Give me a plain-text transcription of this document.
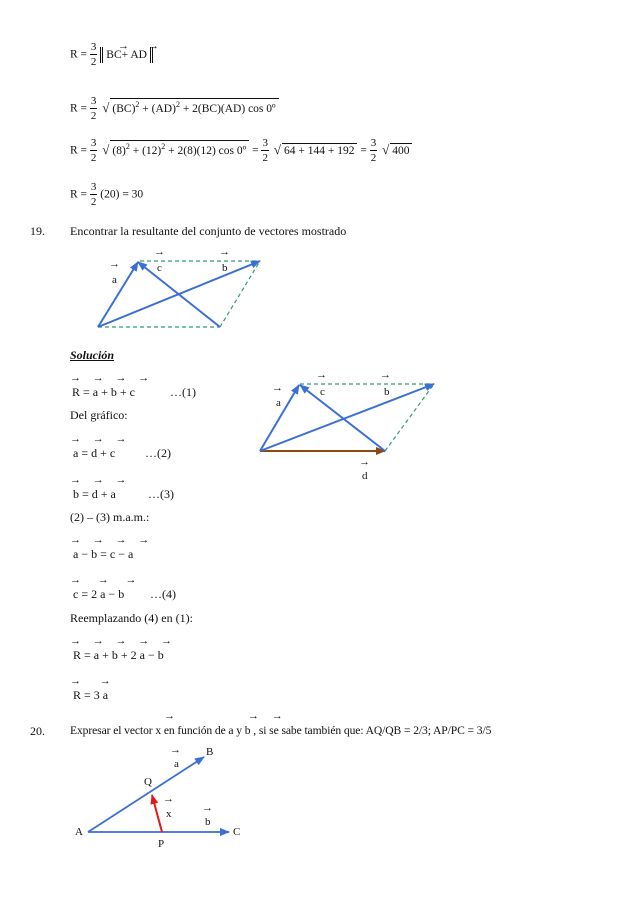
$R = \frac{3}{2} BC+$ AD
→ →
$R = \frac{3}{2}$ √ (BC)$^2$ + (AD)$^2$ + 2(BC)(AD) cos 0º
$R = \frac{3}{2}$ √ $(8)^2 + (12)^2 + 2(8)(12)$ cos 0º = $\frac{3}{2}$ √ $64 + 144 + 192 = \frac{3}{2}$ √ 400
$R = \frac{3}{2} (20) = 30$
19. Encontrar la resultante del conjunto de vectores mostrado
→
a
→
c
→
b
Solución
→ → → →
R = a + b + c	…(1)
Del gráfico:
→ → →
a = d + c …(2)
→ → →
b = d + a	…(3)
(2) – (3) m.a.m.:
→ → → →
a − b = c − a
→ → →
c = 2 a − b …(4)
Reemplazando (4) en (1):
→ → → → →
R = a + b + 2 a − b
→ →
R = 3 a
→
a
→
c
→
b
→
d
→	→ →
20. Expresar el vector x en función de a y b , si se sabe también que: AQ/QB = 2/3; AP/PC = 3/5
A
B
C
P
Q
→
a
→
x	→
b
